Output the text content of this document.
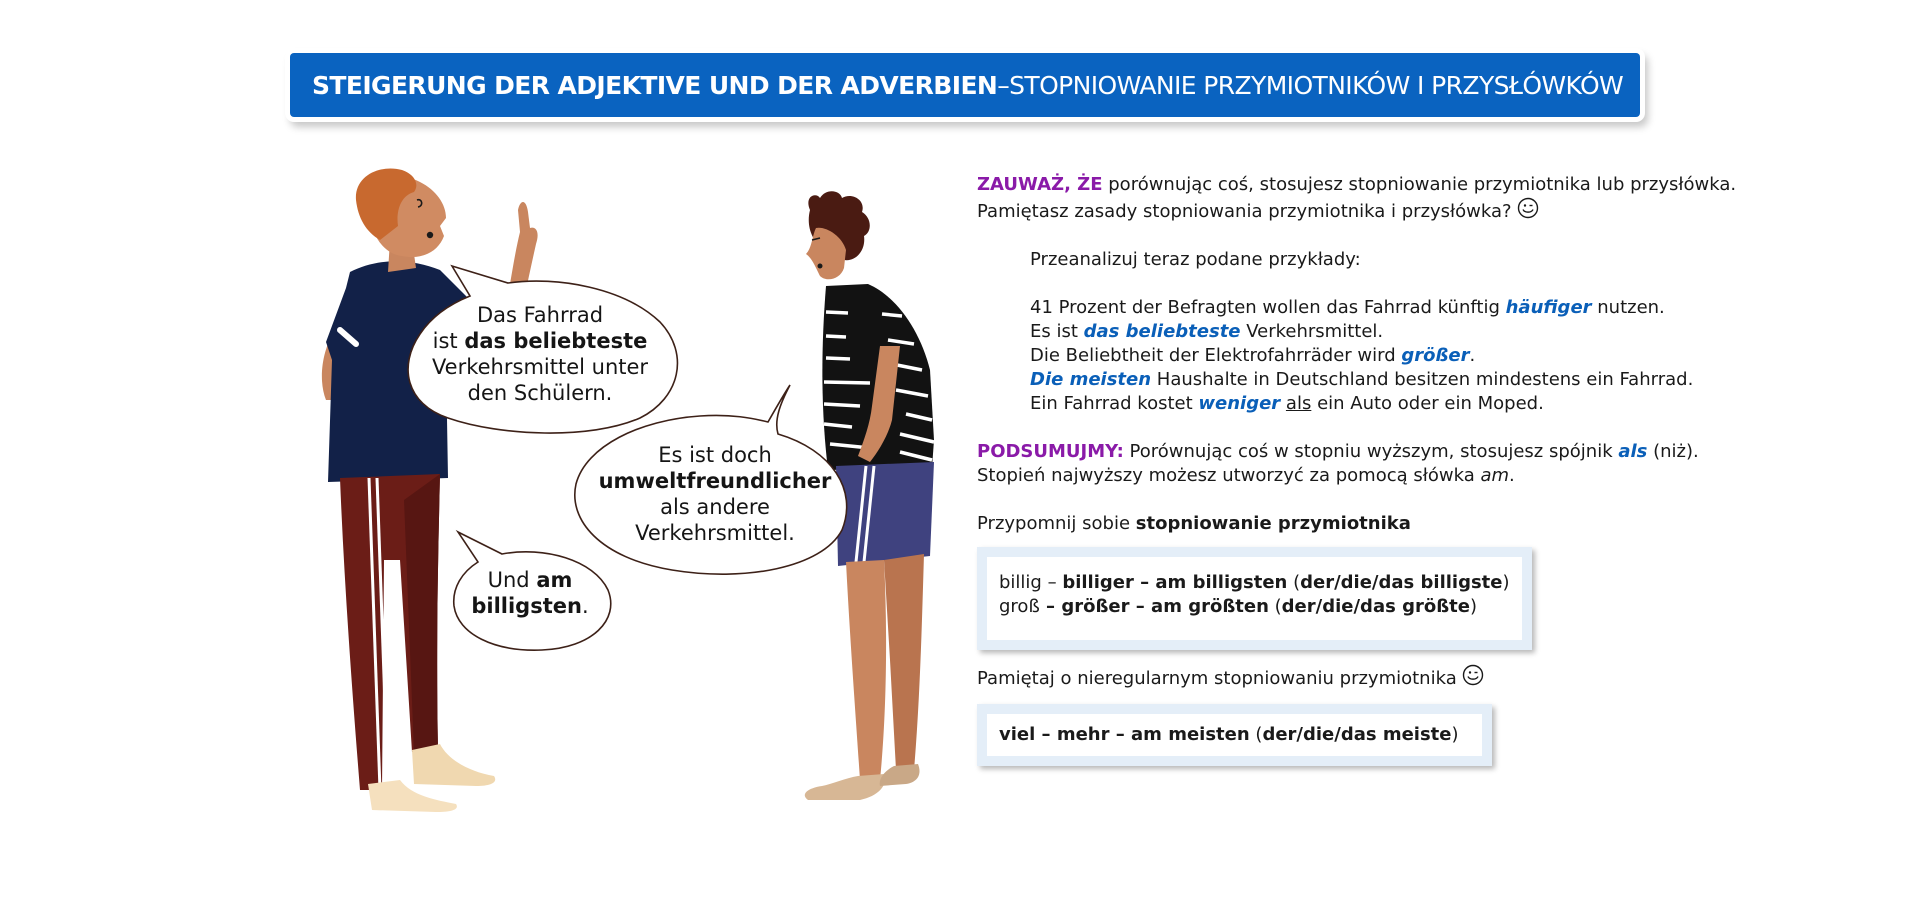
STEIGERUNG DER ADJEKTIVE UND DER ADVERBIEN – STOPNIOWANIE PRZYMIOTNIKÓW I PRZYSŁÓWKÓW
Das Fahrrad
ist das beliebteste
Verkehrsmittel unter
den Schülern.
Es ist doch
umweltfreundlicher
als andere
Verkehrsmittel.
Und am
billigsten.
ZAUWAŻ, ŻE porównując coś, stosujesz stopniowanie przymiotnika lub przysłówka.
Pamiętasz zasady stopniowania przymiotnika i przysłówka?
Przeanalizuj teraz podane przykłady:
41 Prozent der Befragten wollen das Fahrrad künftig häufiger nutzen.
Es ist das beliebteste Verkehrsmittel.
Die Beliebtheit der Elektrofahrräder wird größer.
Die meisten Haushalte in Deutschland besitzen mindestens ein Fahrrad.
Ein Fahrrad kostet weniger als ein Auto oder ein Moped.
PODSUMUJMY: Porównując coś w stopniu wyższym, stosujesz spójnik als (niż).
Stopień najwyższy możesz utworzyć za pomocą słówka am.
Przypomnij sobie stopniowanie przymiotnika
billig – billiger – am billigsten (der/die/das billigste)
groß – größer – am größten (der/die/das größte)
Pamiętaj o nieregularnym stopniowaniu przymiotnika
viel – mehr – am meisten (der/die/das meiste)
